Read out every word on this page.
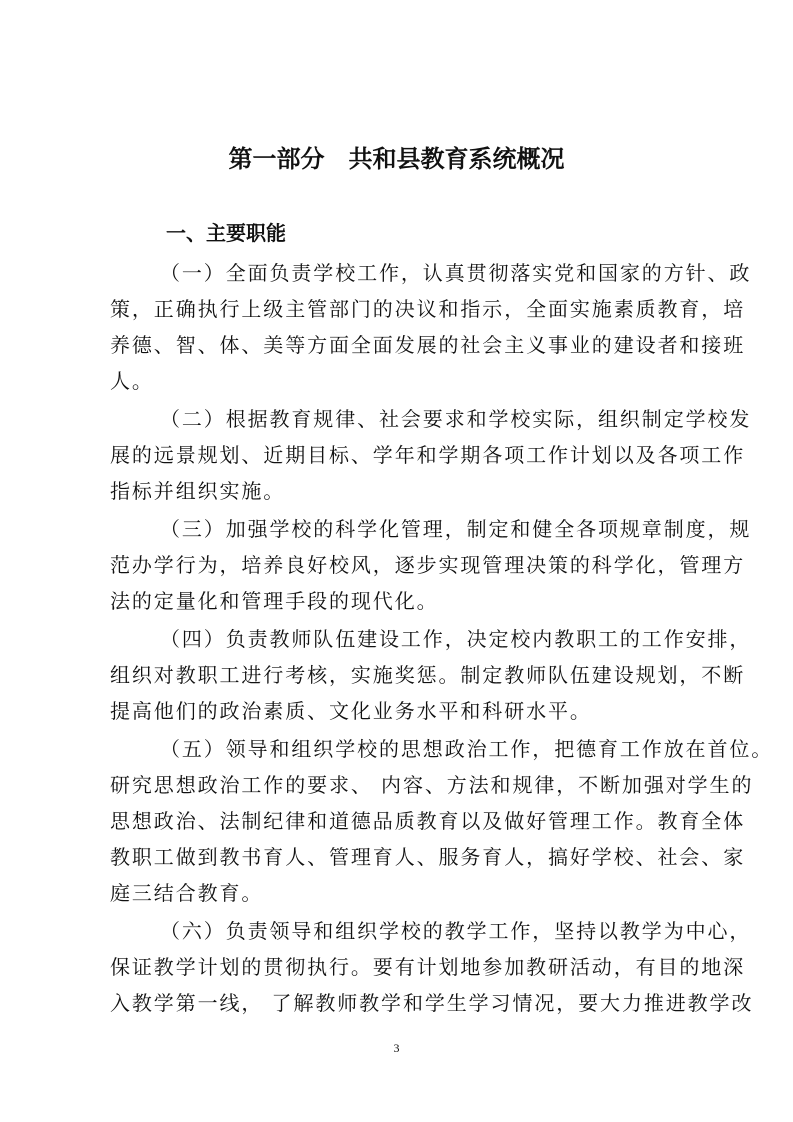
第一部分　共和县教育系统概况
一、主要职能

（一）全面负责学校工作，认真贯彻落实党和国家的方针、政

策，正确执行上级主管部门的决议和指示，全面实施素质教育，培

养德、智、体、美等方面全面发展的社会主义事业的建设者和接班

人。

（二）根据教育规律、社会要求和学校实际，组织制定学校发

展的远景规划、近期目标、学年和学期各项工作计划以及各项工作

指标并组织实施。

（三）加强学校的科学化管理，制定和健全各项规章制度，规

范办学行为，培养良好校风，逐步实现管理决策的科学化，管理方

法的定量化和管理手段的现代化。

（四）负责教师队伍建设工作，决定校内教职工的工作安排，

组织对教职工进行考核，实施奖惩。制定教师队伍建设规划，不断

提高他们的政治素质、文化业务水平和科研水平。

（五）领导和组织学校的思想政治工作，把德育工作放在首位。

研究思想政治工作的要求、 内容、方法和规律，不断加强对学生的

思想政治、法制纪律和道德品质教育以及做好管理工作。教育全体

教职工做到教书育人、管理育人、服务育人，搞好学校、社会、家

庭三结合教育。

（六）负责领导和组织学校的教学工作，坚持以教学为中心，

保证教学计划的贯彻执行。要有计划地参加教研活动，有目的地深

入教学第一线， 了解教师教学和学生学习情况，要大力推进教学改

3
